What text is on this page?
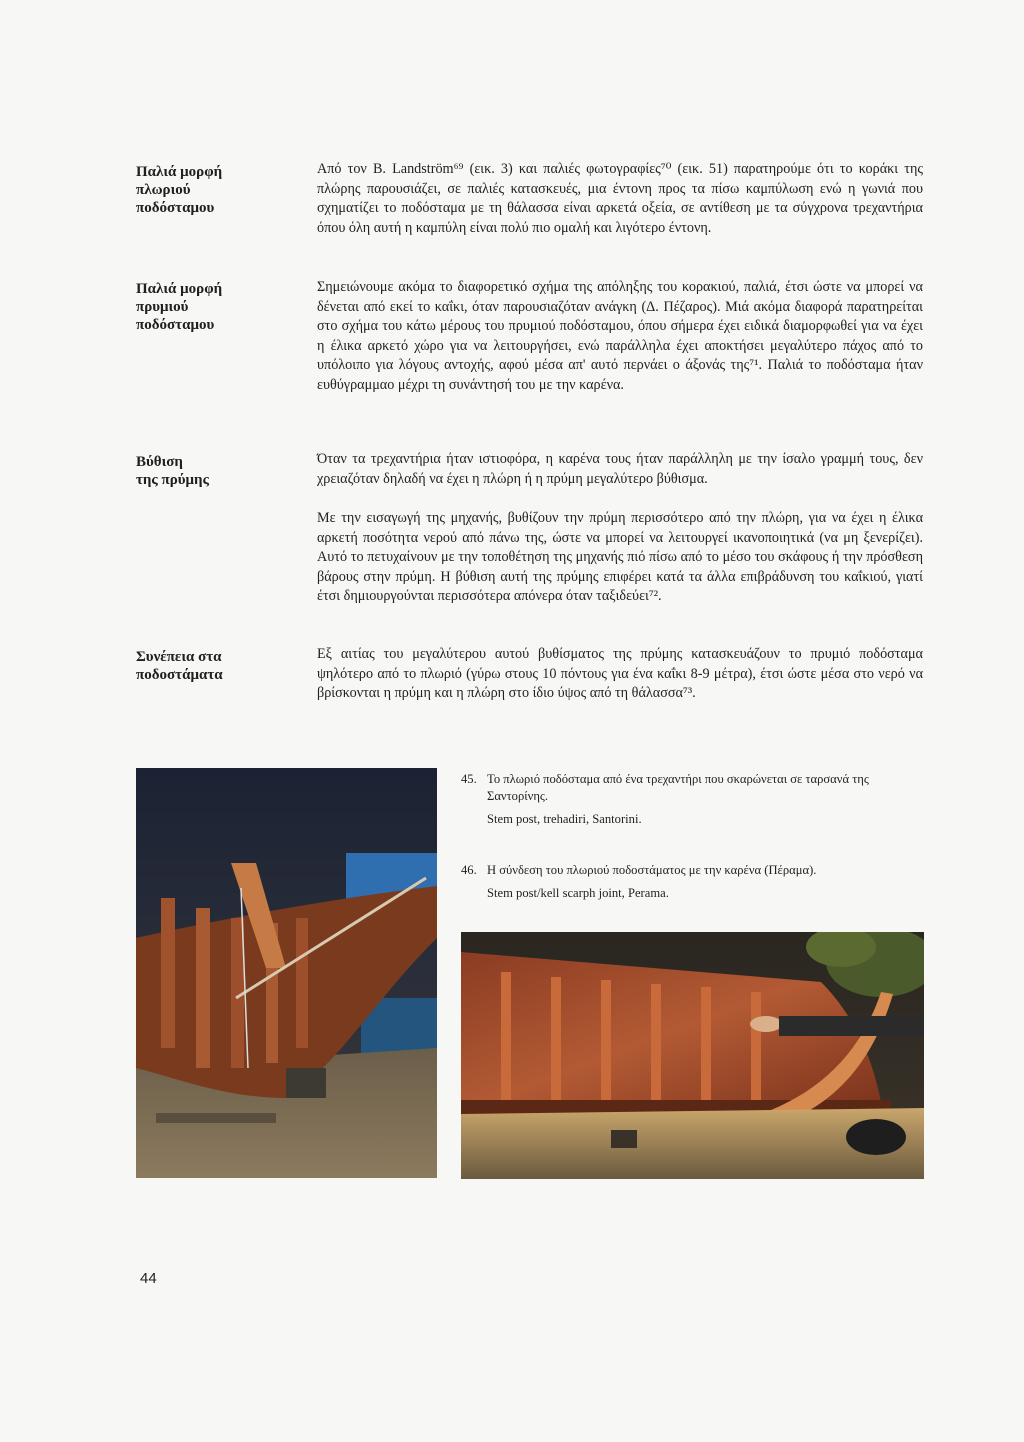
Παλιά μορφή
πλωριού
ποδόσταμου
Παλιά μορφή
πρυμιού
ποδόσταμου
Βύθιση
της πρύμης
Συνέπεια στα
ποδοστάματα

Από τον Β. Landström⁶⁹ (εικ. 3) και παλιές φωτογραφίες⁷⁰ (εικ. 51) παρατηρούμε ότι το κοράκι της πλώρης παρουσιάζει, σε παλιές κατασκευές, μια έντονη προς τα πίσω καμπύλωση ενώ η γωνιά που σχηματίζει το ποδόσταμα με τη θάλασσα είναι αρκετά οξεία, σε αντίθεση με τα σύγχρονα τρεχαντήρια όπου όλη αυτή η καμπύλη είναι πολύ πιο ομαλή και λιγότερο έντονη.

Σημειώνουμε ακόμα το διαφορετικό σχήμα της απόληξης του κορακιού, παλιά, έτσι ώστε να μπορεί να δένεται από εκεί το καΐκι, όταν παρουσιαζόταν ανάγκη (Δ. Πέζαρος). Μιά ακόμα διαφορά παρατηρείται στο σχήμα του κάτω μέρους του πρυμιού ποδόσταμου, όπου σήμερα έχει ειδικά διαμορφωθεί για να έχει η έλικα αρκετό χώρο για να λειτουργήσει, ενώ παράλληλα έχει αποκτήσει μεγαλύτερο πάχος από το υπόλοιπο για λόγους αντοχής, αφού μέσα απ' αυτό περνάει ο άξονάς της⁷¹. Παλιά το ποδόσταμα ήταν ευθύγραμμαο μέχρι τη συνάντησή του με την καρένα.

Όταν τα τρεχαντήρια ήταν ιστιοφόρα, η καρένα τους ήταν παράλληλη με την ίσαλο γραμμή τους, δεν χρειαζόταν δηλαδή να έχει η πλώρη ή η πρύμη μεγαλύτερο βύθισμα.

Με την εισαγωγή της μηχανής, βυθίζουν την πρύμη περισσότερο από την πλώρη, για να έχει η έλικα αρκετή ποσότητα νερού από πάνω της, ώστε να μπορεί να λειτουργεί ικανοποιητικά (να μη ξενερίζει). Αυτό το πετυχαίνουν με την τοποθέτηση της μηχανής πιό πίσω από το μέσο του σκάφους ή την πρόσθεση βάρους στην πρύμη. Η βύθιση αυτή της πρύμης επιφέρει κατά τα άλλα επιβράδυνση του καΐκιού, γιατί έτσι δημιουργούνται περισσότερα απόνερα όταν ταξιδεύει⁷².

Εξ αιτίας του μεγαλύτερου αυτού βυθίσματος της πρύμης κατασκευάζουν το πρυμιό ποδόσταμα ψηλότερο από το πλωριό (γύρω στους 10 πόντους για ένα καΐκι 8-9 μέτρα), έτσι ώστε μέσα στο νερό να βρίσκονται η πρύμη και η πλώρη στο ίδιο ύψος από τη θάλασσα⁷³.

45. Το πλωριό ποδόσταμα από ένα τρεχαντήρι που σκαρώνεται σε ταρσανά της Σαντορίνης.
Stem post, trehadiri, Santorini.
46. Η σύνδεση του πλωριού ποδοστάματος με την καρένα (Πέραμα).
Stem post/kell scarph joint, Perama.
44
